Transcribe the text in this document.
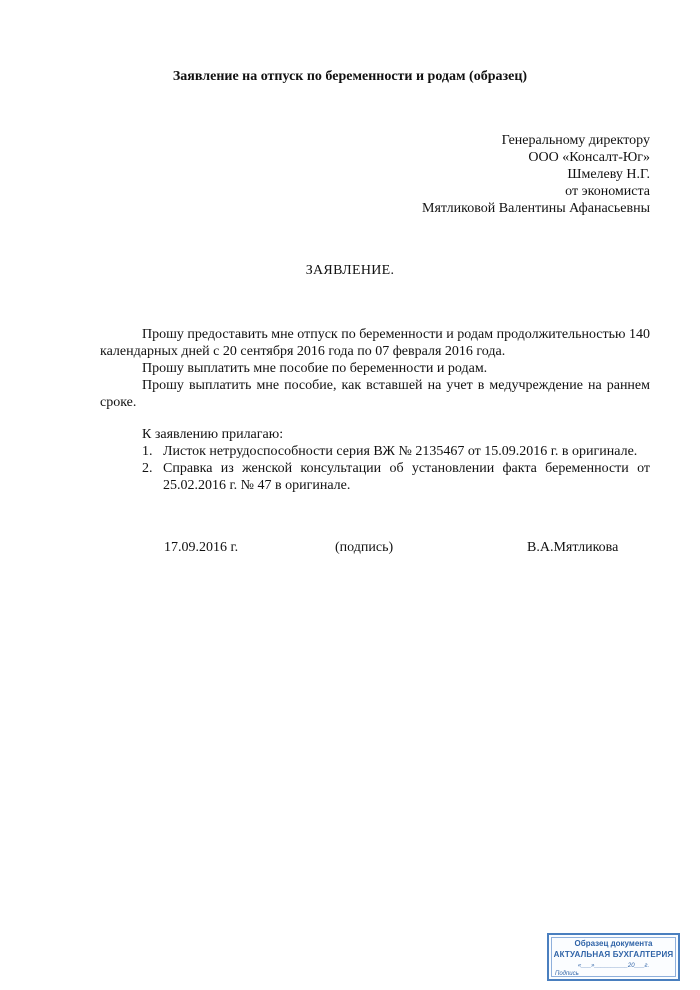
Заявление на отпуск по беременности и родам (образец)
Генеральному директору
ООО «Консалт-Юг»
Шмелеву Н.Г.
от экономиста
Мятликовой Валентины Афанасьевны
ЗАЯВЛЕНИЕ.

Прошу предоставить мне отпуск по беременности и родам продолжительностью 140 календарных дней с 20 сентября 2016 года по 07 февраля 2016 года.

Прошу выплатить мне пособие по беременности и родам.

Прошу выплатить мне пособие, как вставшей на учет в медучреждение на раннем сроке.

К заявлению прилагаю:
1. Листок нетрудоспособности серия ВЖ № 2135467 от 15.09.2016 г. в оригинале.
2. Справка из женской консультации об установлении факта беременности от 25.02.2016 г. № 47 в оригинале.
17.09.2016 г.	(подпись)	В.А.Мятликова
Образец документа
АКТУАЛЬНАЯ БУХГАЛТЕРИЯ
«___»__________20___г.
Подпись
